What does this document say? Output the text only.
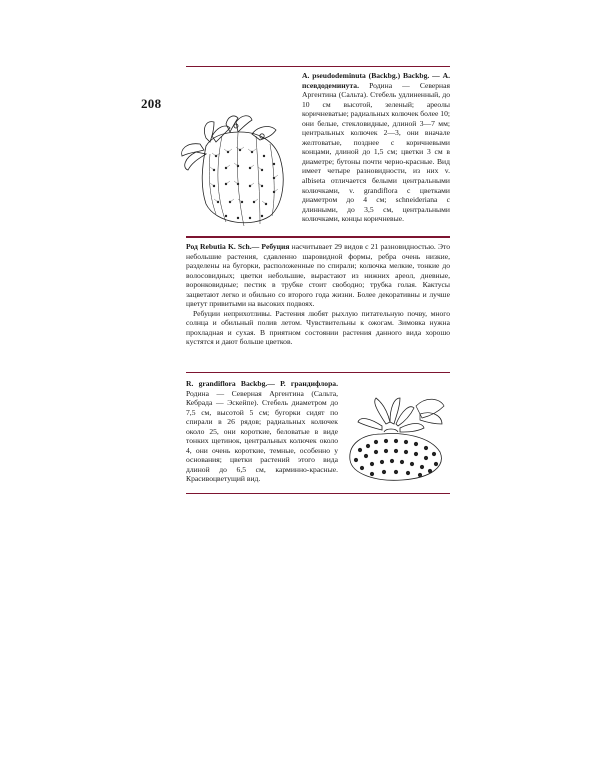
208

A. pseudodeminuta (Backbg.) Backbg. — А. псевдодеминута. Родина — Северная Аргентина (Сальта). Стебель удлиненный, до 10 см высотой, зеленый; ареолы коричневатые; радиальных колючек более 10; они белые, стекловидные, длиной 3—7 мм; центральных колючек 2—3, они вначале желтоватые, позднее с коричневыми концами, длиной до 1,5 см; цветки 3 см в диаметре; бутоны почти черно-красные. Вид имеет четыре разновидности, из них v. albiseta отличается белыми центральными колючками, v. grandiflora с цветками диаметром до 4 см; schneideriana с длинными, до 3,5 см, центральными колючками, концы коричневые.

Род Rebutia K. Sch.— Ребуция насчитывает 29 видов с 21 разновидностью. Это небольшие растения, сдавленно шаровидной формы, ребра очень низкие, разделены на бугорки, расположенные по спирали; колючка мелкие, тонкие до волосовидных; цветки небольшие, вырастают из нижних ареол, дневные, воронковидные; пестик в трубке стоит свободно; трубка голая. Кактусы зацветают легко и обильно со второго года жизни. Более декоративны и лучше цветут привитыми на высоких подвоях.

Ребуции неприхотливы. Растения любят рыхлую питательную почву, много солнца и обильный полив летом. Чувствительны к ожогам. Зимовка нужна прохладная и сухая. В приятном состоянии растения данного вида хорошо кустятся и дают больше цветков.

R. grandiflora Backbg.— Р. грандифлора. Родина — Северная Аргентина (Сальта, Кебрада — Эскейпе). Стебель диаметром до 7,5 см, высотой 5 см; бугорки сидят по спирали в 26 рядов; радиальных колючек около 25, они короткие, беловатые в виде тонких щетинок, центральных колючек около 4, они очень короткие, темные, особенно у основания; цветки растений этого вида длиной до 6,5 см, карминно-красные. Красивоцветущий вид.
